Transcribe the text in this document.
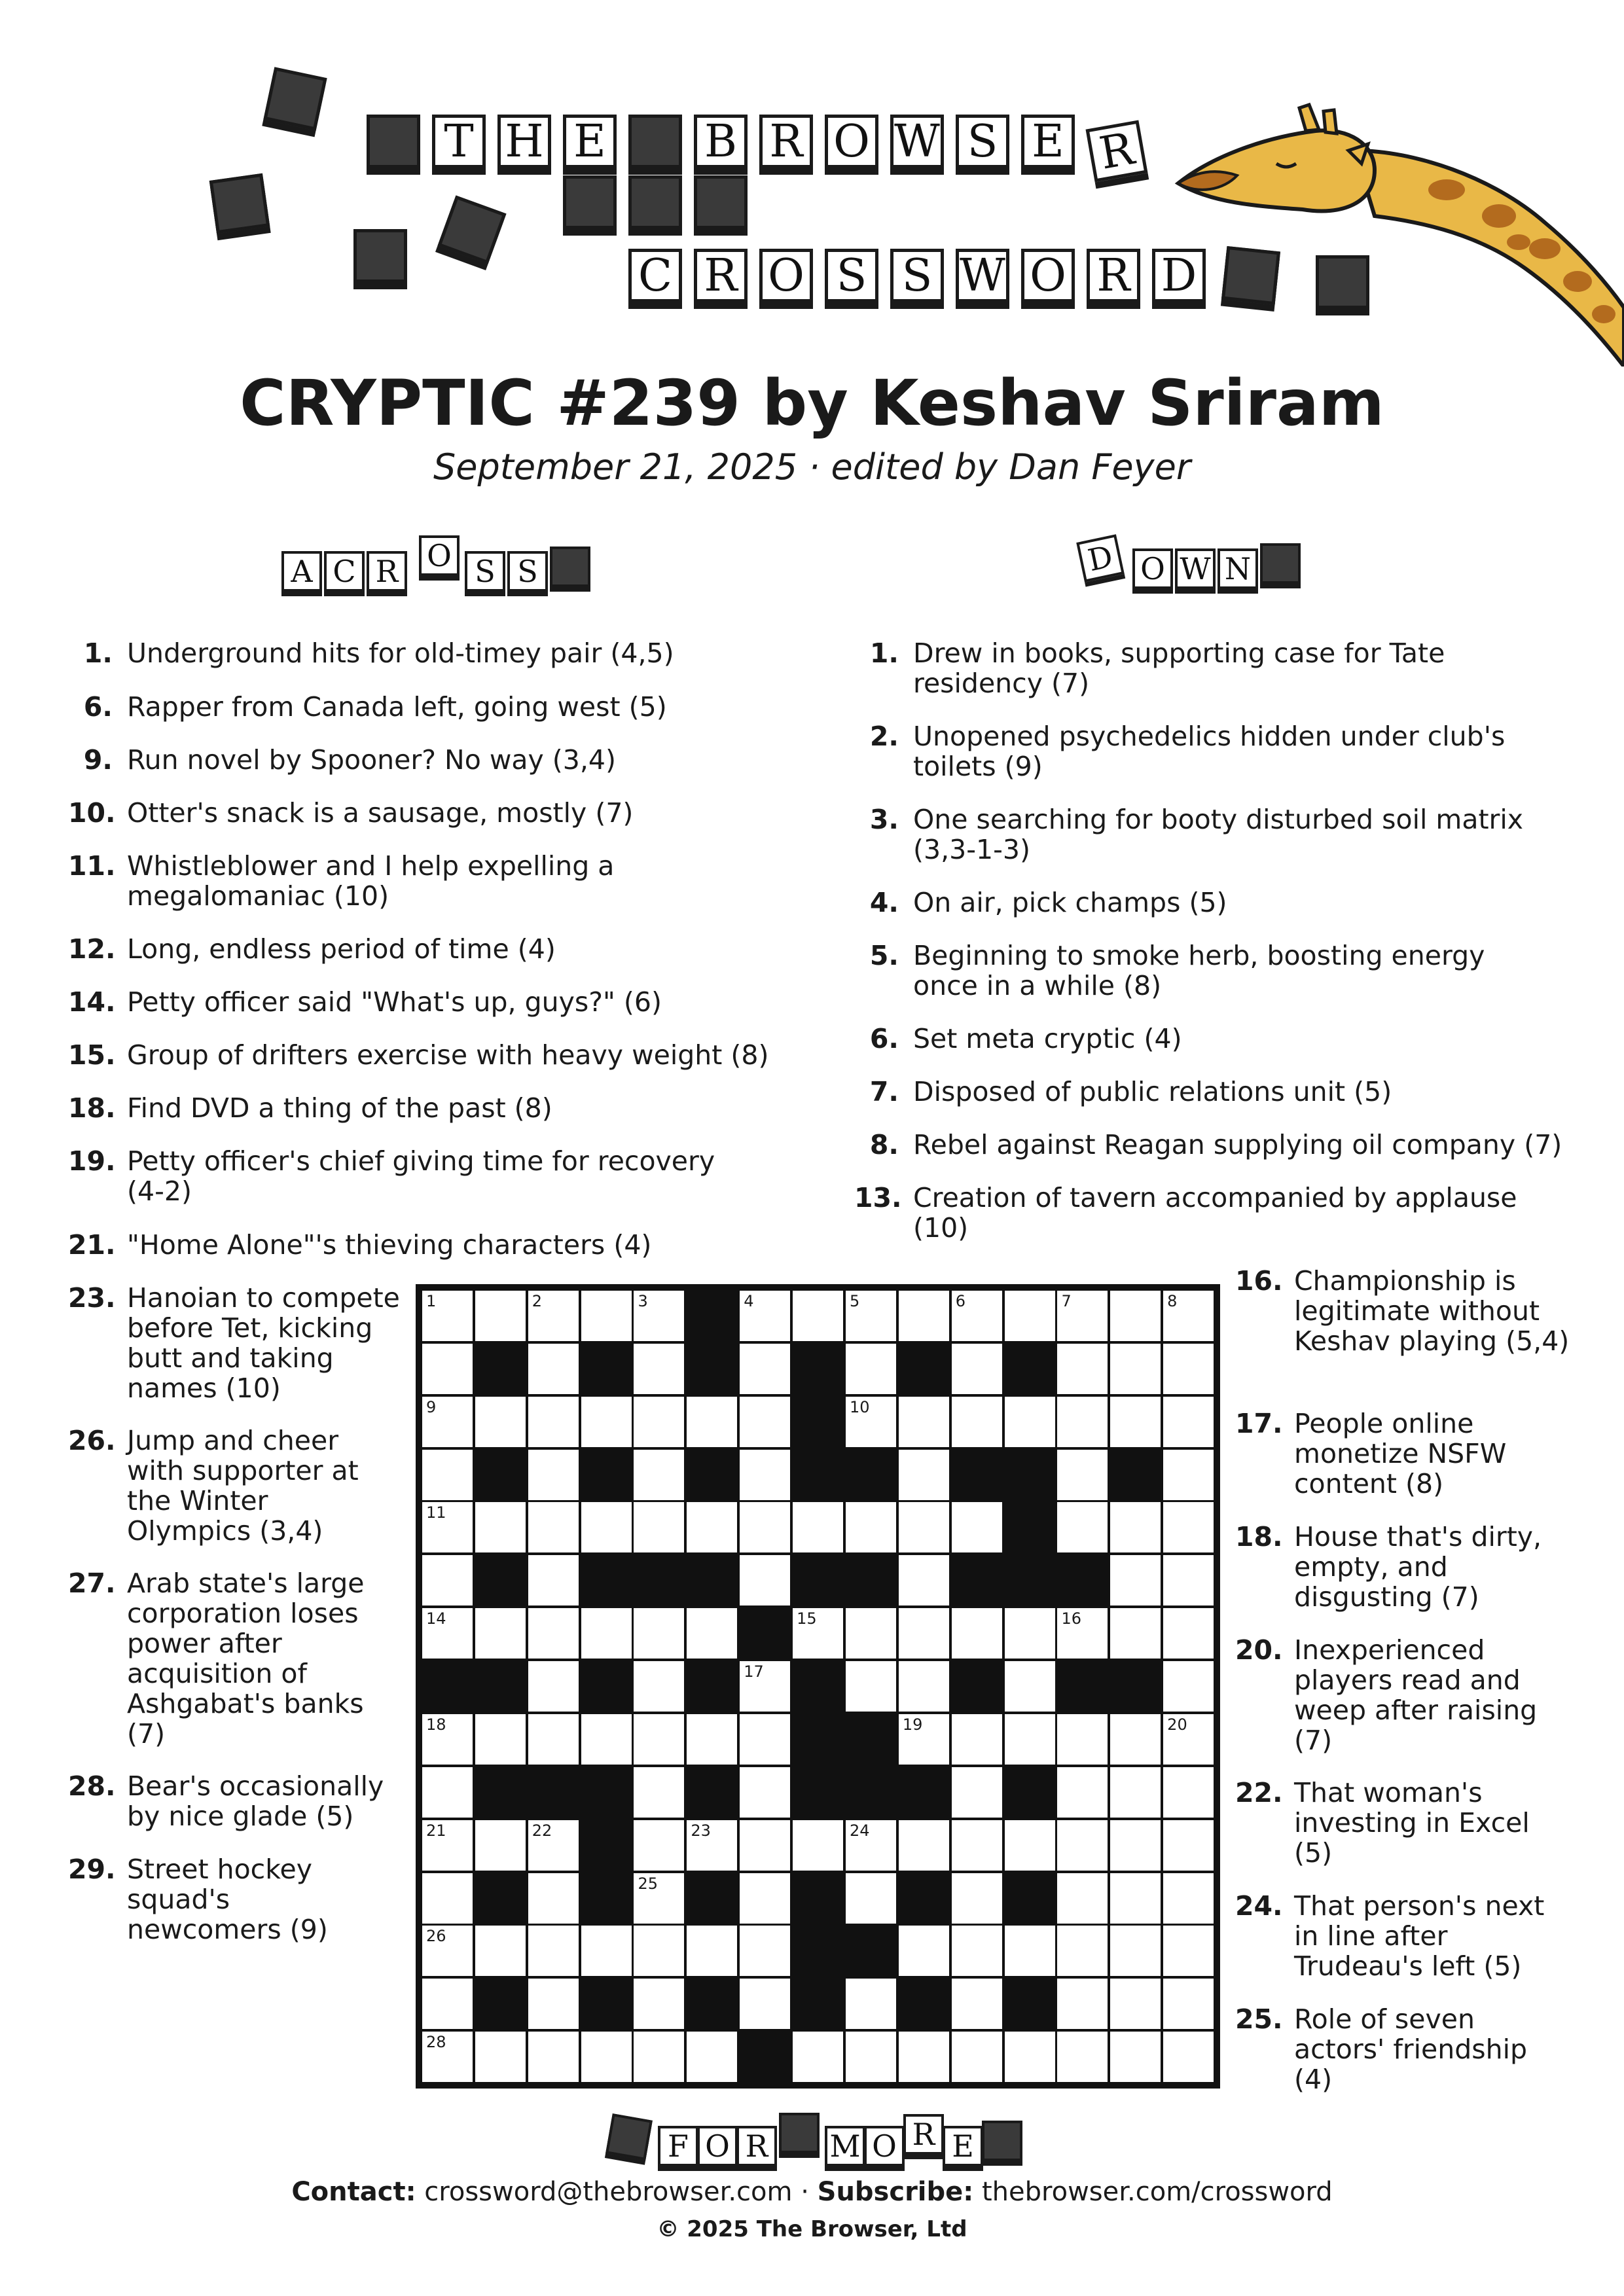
T H E B R O W S E R
C R O S S W O R D
CRYPTIC #239 by Keshav Sriram
September 21, 2025 · edited by Dan Feyer
A C R O S S	D O W N
1. Underground hits for old-timey pair (4,5)
6. Rapper from Canada left, going west (5)
9. Run novel by Spooner? No way (3,4)
10. Otter's snack is a sausage, mostly (7)
11. Whistleblower and I help expelling a megalomaniac (10)
12. Long, endless period of time (4)
14. Petty officer said "What's up, guys?" (6)
15. Group of drifters exercise with heavy weight (8)
18. Find DVD a thing of the past (8)
19. Petty officer's chief giving time for recovery (4-2)
21. "Home Alone"'s thieving characters (4)
23. Hanoian to compete before Tet, kicking butt and taking names (10)
26. Jump and cheer with supporter at the Winter Olympics (3,4)
27. Arab state's large corporation loses power after acquisition of Ashgabat's banks (7)
28. Bear's occasionally by nice glade (5)
29. Street hockey squad's newcomers (9)
1. Drew in books, supporting case for Tate residency (7)
2. Unopened psychedelics hidden under club's toilets (9)
3. One searching for booty disturbed soil matrix (3,3-1-3)
4. On air, pick champs (5)
5. Beginning to smoke herb, boosting energy once in a while (8)
6. Set meta cryptic (4)
7. Disposed of public relations unit (5)
8. Rebel against Reagan supplying oil company (7)
13. Creation of tavern accompanied by applause (10)
16. Championship is legitimate without Keshav playing (5,4)
17. People online monetize NSFW content (8)
18. House that's dirty, empty, and disgusting (7)
20. Inexperienced players read and weep after raising (7)
22. That woman's investing in Excel (5)
24. That person's next in line after Trudeau's left (5)
25. Role of seven actors' friendship (4)
1	2	3	4	5	6	7	8
9	10
11
14	15	16
17
18	19	20
21	22	23	24
25
26
28
F O R M O R E
Contact: crossword@thebrowser.com · Subscribe: thebrowser.com/crossword
© 2025 The Browser, Ltd
